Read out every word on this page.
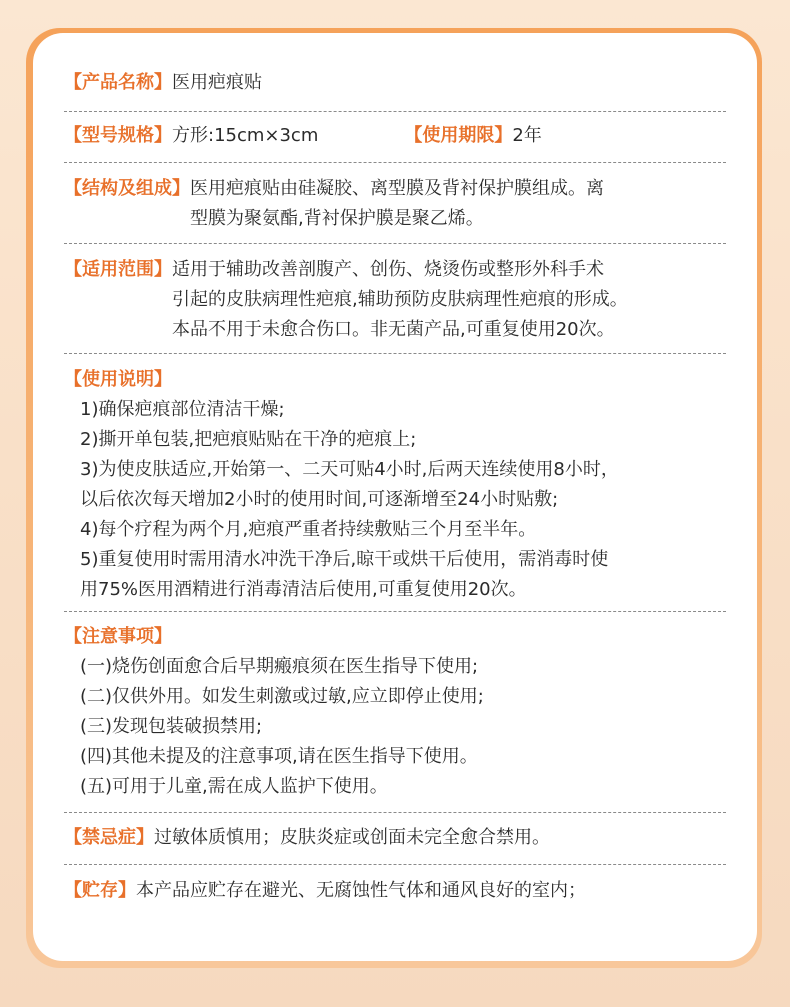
【产品名称】 医用疤痕贴
【型号规格】 方形:15cm×3cm	【使用期限】 2年
【结构及组成】 医用疤痕贴由硅凝胶、离型膜及背衬保护膜组成。离
型膜为聚氨酯,背衬保护膜是聚乙烯。
【适用范围】 适用于辅助改善剖腹产、创伤、烧烫伤或整形外科手术
引起的皮肤病理性疤痕,辅助预防皮肤病理性疤痕的形成。
本品不用于未愈合伤口。非无菌产品,可重复使用20次。
【使用说明】
1)确保疤痕部位清洁干燥;
2)撕开单包装,把疤痕贴贴在干净的疤痕上;
3)为使皮肤适应,开始第一、二天可贴4小时,后两天连续使用8小时，
以后依次每天增加2小时的使用时间,可逐渐增至24小时贴敷;
4)每个疗程为两个月,疤痕严重者持续敷贴三个月至半年。
5)重复使用时需用清水冲洗干净后,晾干或烘干后使用，需消毒时使
用75%医用酒精进行消毒清洁后使用,可重复使用20次。
【注意事项】
(一)烧伤创面愈合后早期瘢痕须在医生指导下使用;
(二)仅供外用。如发生刺激或过敏,应立即停止使用;
(三)发现包装破损禁用;
(四)其他未提及的注意事项,请在医生指导下使用。
(五)可用于儿童,需在成人监护下使用。
【禁忌症】 过敏体质慎用；皮肤炎症或创面未完全愈合禁用。
【贮存】 本产品应贮存在避光、无腐蚀性气体和通风良好的室内；
